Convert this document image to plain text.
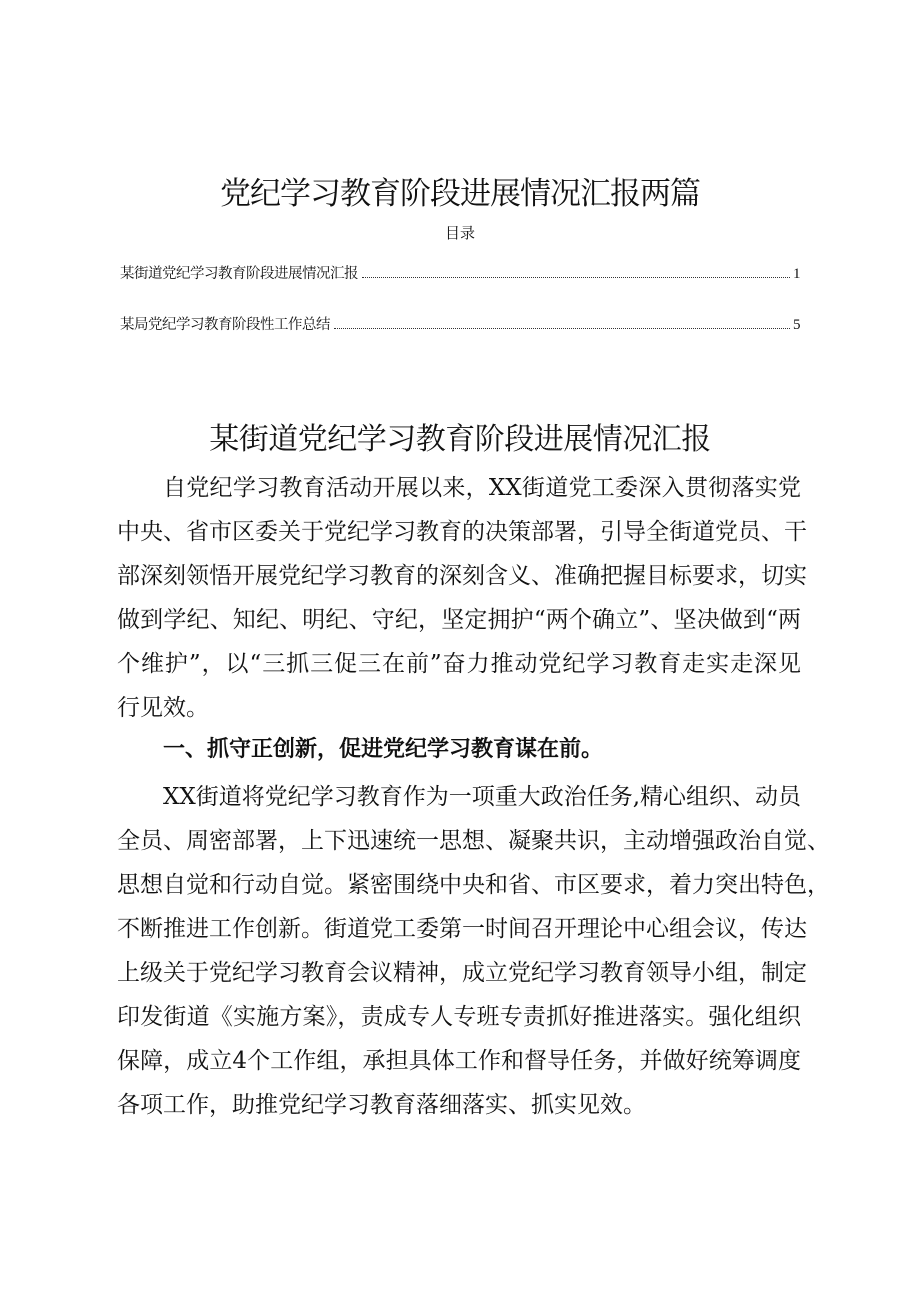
党纪学习教育阶段进展情况汇报两篇
目录
某街道党纪学习教育阶段进展情况汇报	1
某局党纪学习教育阶段性工作总结	5
某街道党纪学习教育阶段进展情况汇报
自党纪学习教育活动开展以来，XX街道党工委深入贯彻落实党
中央、省市区委关于党纪学习教育的决策部署，引导全街道党员、干
部深刻领悟开展党纪学习教育的深刻含义、准确把握目标要求，切实
做到学纪、知纪、明纪、守纪，坚定拥护“两个确立”、坚决做到“两
个维护”，以“三抓三促三在前”奋力推动党纪学习教育走实走深见
行见效。
一、抓守正创新，促进党纪学习教育谋在前。
XX街道将党纪学习教育作为一项重大政治任务,精心组织、动员
全员、周密部署，上下迅速统一思想、凝聚共识，主动增强政治自觉、
思想自觉和行动自觉。紧密围绕中央和省、市区要求，着力突出特色，
不断推进工作创新。街道党工委第一时间召开理论中心组会议，传达
上级关于党纪学习教育会议精神，成立党纪学习教育领导小组，制定
印发街道《实施方案》，责成专人专班专责抓好推进落实。强化组织
保障，成立4个工作组，承担具体工作和督导任务，并做好统筹调度
各项工作，助推党纪学习教育落细落实、抓实见效。
